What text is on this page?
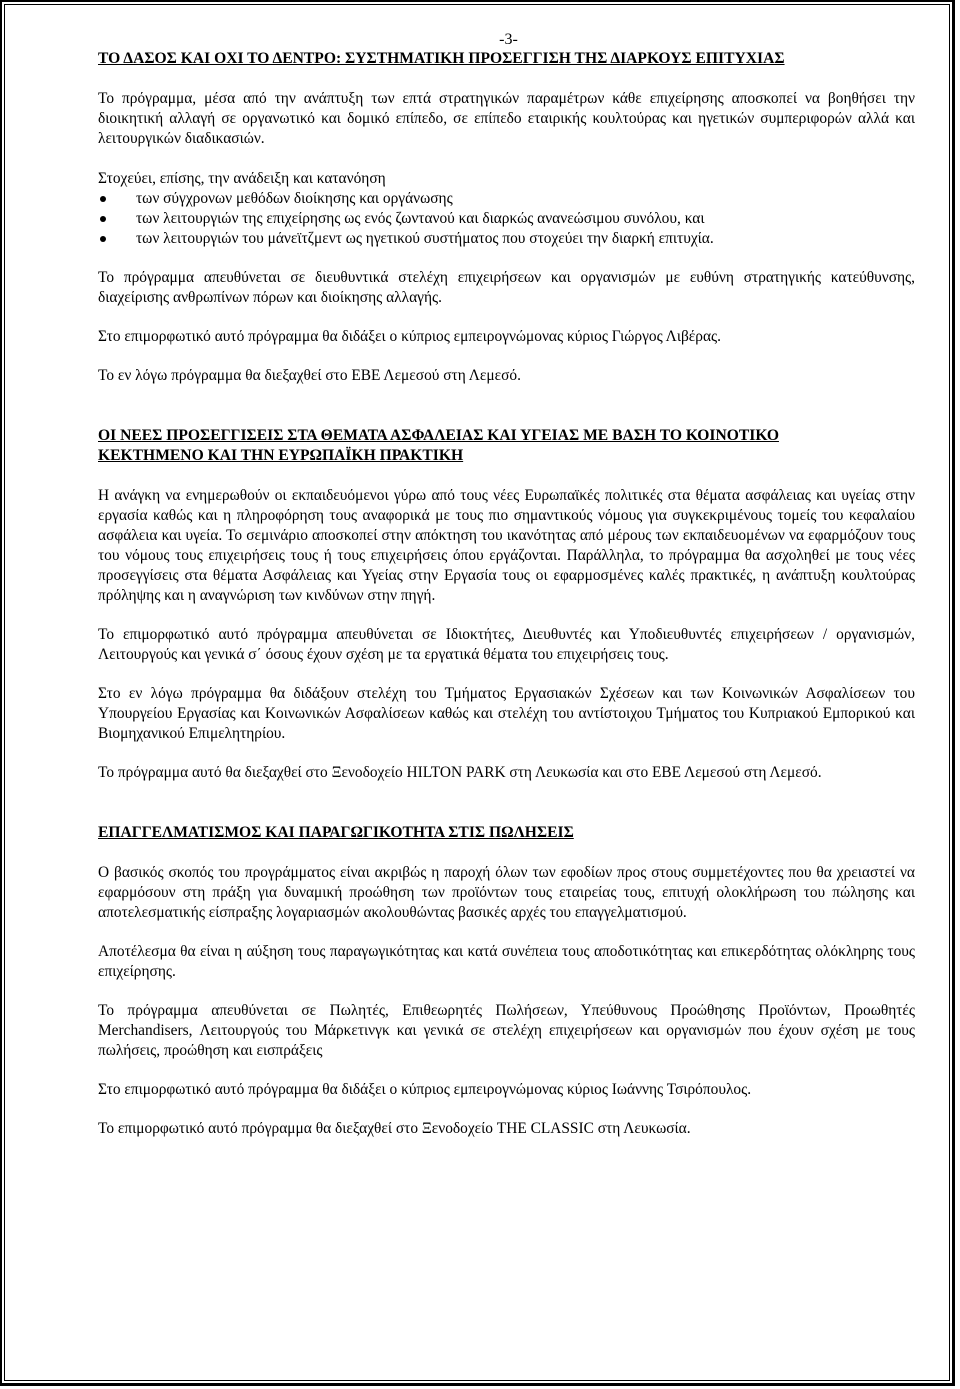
-3-
ΤΟ ΔΑΣΟΣ ΚΑΙ ΟΧΙ ΤΟ ΔΕΝΤΡΟ: ΣΥΣΤΗΜΑΤΙΚΗ ΠΡΟΣΕΓΓΙΣΗ ΤΗΣ ΔΙΑΡΚΟΥΣ ΕΠΙΤΥΧΙΑΣ

Το πρόγραμμα, μέσα από την ανάπτυξη των επτά στρατηγικών παραμέτρων κάθε επιχείρησης αποσκοπεί να βοηθήσει την διοικητική αλλαγή σε οργανωτικό και δομικό επίπεδο, σε επίπεδο εταιρικής κουλτούρας και ηγετικών συμπεριφορών αλλά και λειτουργικών διαδικασιών.

Στοχεύει, επίσης, την ανάδειξη και κατανόηση

των σύγχρονων μεθόδων διοίκησης και οργάνωσης
των λειτουργιών της επιχείρησης ως ενός ζωντανού και διαρκώς ανανεώσιμου συνόλου, και
των λειτουργιών του μάνεϊτζμεντ ως ηγετικού συστήματος που στοχεύει την διαρκή επιτυχία.

Το πρόγραμμα απευθύνεται σε διευθυντικά στελέχη επιχειρήσεων και οργανισμών με ευθύνη στρατηγικής κατεύθυνσης, διαχείρισης ανθρωπίνων πόρων και διοίκησης αλλαγής.

Στο επιμορφωτικό αυτό πρόγραμμα θα διδάξει ο κύπριος εμπειρογνώμονας κύριος Γιώργος Λιβέρας.

Το εν λόγω πρόγραμμα θα διεξαχθεί στο ΕΒΕ Λεμεσού στη Λεμεσό.

ΟΙ ΝΕΕΣ ΠΡΟΣΕΓΓΙΣΕΙΣ ΣΤΑ ΘΕΜΑΤΑ ΑΣΦΑΛΕΙΑΣ ΚΑΙ ΥΓΕΙΑΣ ΜΕ ΒΑΣΗ ΤΟ ΚΟΙΝΟΤΙΚΟ
ΚΕΚΤΗΜΕΝΟ ΚΑΙ ΤΗΝ ΕΥΡΩΠΑΪΚΗ ΠΡΑΚΤΙΚΗ

Η ανάγκη να ενημερωθούν οι εκπαιδευόμενοι γύρω από τους νέες Ευρωπαϊκές πολιτικές στα θέματα ασφάλειας και υγείας στην εργασία καθώς και η πληροφόρηση τους αναφορικά με τους πιο σημαντικούς νόμους για συγκεκριμένους τομείς του κεφαλαίου ασφάλεια και υγεία. Το σεμινάριο αποσκοπεί στην απόκτηση του ικανότητας από μέρους των εκπαιδευομένων να εφαρμόζουν τους του νόμους τους επιχειρήσεις τους ή τους επιχειρήσεις όπου εργάζονται. Παράλληλα, το πρόγραμμα θα ασχοληθεί με τους νέες προσεγγίσεις στα θέματα Ασφάλειας και Υγείας στην Εργασία τους οι εφαρμοσμένες καλές πρακτικές, η ανάπτυξη κουλτούρας πρόληψης και η αναγνώριση των κινδύνων στην πηγή.

Το επιμορφωτικό αυτό πρόγραμμα απευθύνεται σε Ιδιοκτήτες, Διευθυντές και Υποδιευθυντές επιχειρήσεων / οργανισμών, Λειτουργούς και γενικά σ΄ όσους έχουν σχέση με τα εργατικά θέματα του επιχειρήσεις τους.

Στο εν λόγω πρόγραμμα θα διδάξουν στελέχη του Τμήματος Εργασιακών Σχέσεων και των Κοινωνικών Ασφαλίσεων του Υπουργείου Εργασίας και Κοινωνικών Ασφαλίσεων καθώς και στελέχη του αντίστοιχου Τμήματος του Κυπριακού Εμπορικού και Βιομηχανικού Επιμελητηρίου.

Το πρόγραμμα αυτό θα διεξαχθεί στο Ξενοδοχείο HILTON PARK στη Λευκωσία και στο ΕΒΕ Λεμεσού στη Λεμεσό.

ΕΠΑΓΓΕΛΜΑΤΙΣΜΟΣ ΚΑΙ ΠΑΡΑΓΩΓΙΚΟΤΗΤΑ ΣΤΙΣ ΠΩΛΗΣΕΙΣ

Ο βασικός σκοπός του προγράμματος είναι ακριβώς η παροχή όλων των εφοδίων προς στους συμμετέχοντες που θα χρειαστεί να εφαρμόσουν στη πράξη για δυναμική προώθηση των προϊόντων τους εταιρείας τους, επιτυχή ολοκλήρωση του πώλησης και αποτελεσματικής είσπραξης λογαριασμών ακολουθώντας βασικές αρχές του επαγγελματισμού.

Αποτέλεσμα θα είναι η αύξηση τους παραγωγικότητας και κατά συνέπεια τους αποδοτικότητας και επικερδότητας ολόκληρης τους επιχείρησης.

Το πρόγραμμα απευθύνεται σε Πωλητές, Επιθεωρητές Πωλήσεων, Υπεύθυνους Προώθησης Προϊόντων, Προωθητές Merchandisers, Λειτουργούς του Μάρκετινγκ και γενικά σε στελέχη επιχειρήσεων και οργανισμών που έχουν σχέση με τους πωλήσεις, προώθηση και εισπράξεις

Στο επιμορφωτικό αυτό πρόγραμμα θα διδάξει ο κύπριος εμπειρογνώμονας κύριος Ιωάννης Τσιρόπουλος.

Το επιμορφωτικό αυτό πρόγραμμα θα διεξαχθεί στο Ξενοδοχείο THE CLASSIC στη Λευκωσία.
